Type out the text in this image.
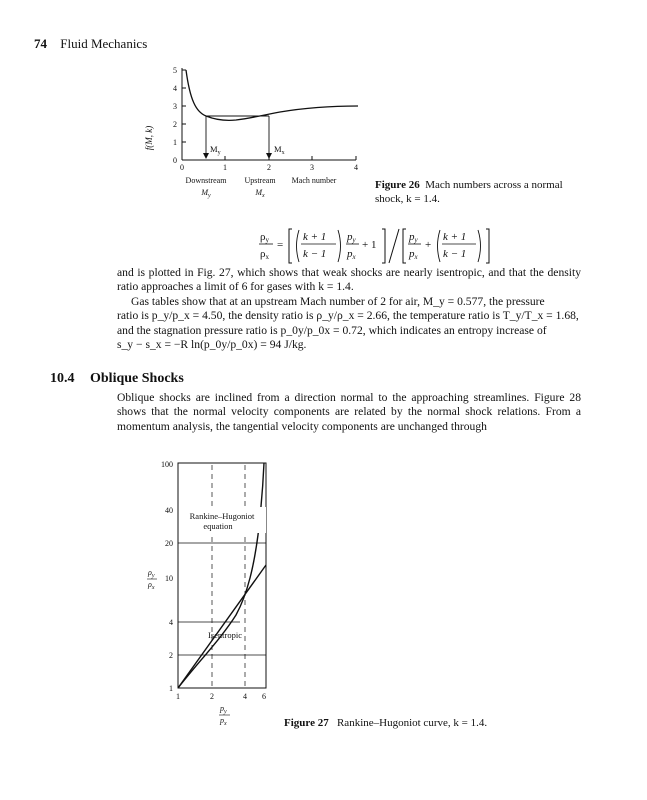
74 Fluid Mechanics
f(M, k)
0
1
2
3
4
5
0	1	2	3	4
$M_y$	$M_x$
Downstream
$M_y$
Upstream
$M_x$
Mach number	Figure 26 Mach numbers across a normal shock, k = 1.4.
ρy
ρx
=
k + 1
k − 1
py
px
+ 1
py
px
+
k + 1
k − 1
and is plotted in Fig. 27, which shows that weak shocks are nearly isentropic, and that the density ratio approaches a limit of 6 for gases with k = 1.4.
Gas tables show that at an upstream Mach number of 2 for air, M_y = 0.577, the pressure
ratio is p_y/p_x = 4.50, the density ratio is ρ_y/ρ_x = 2.66, the temperature ratio is T_y/T_x = 1.68,
and the stagnation pressure ratio is p_0y/p_0x = 0.72, which indicates an entropy increase of
s_y − s_x = −R ln(p_0y/p_0x) = 94 J/kg.
10.4 Oblique Shocks
Oblique shocks are inclined from a direction normal to the approaching streamlines. Figure 28 shows that the normal velocity components are related by the normal shock relations. From a momentum analysis, the tangential velocity components are unchanged through
1
2
4
10
20
40
100
$\rho_y$
$\rho_x$
1	2	4 6
$p_y$
$p_x$
Rankine–Hugoniot
equation
Isentropic
Figure 27 Rankine–Hugoniot curve, k = 1.4.
